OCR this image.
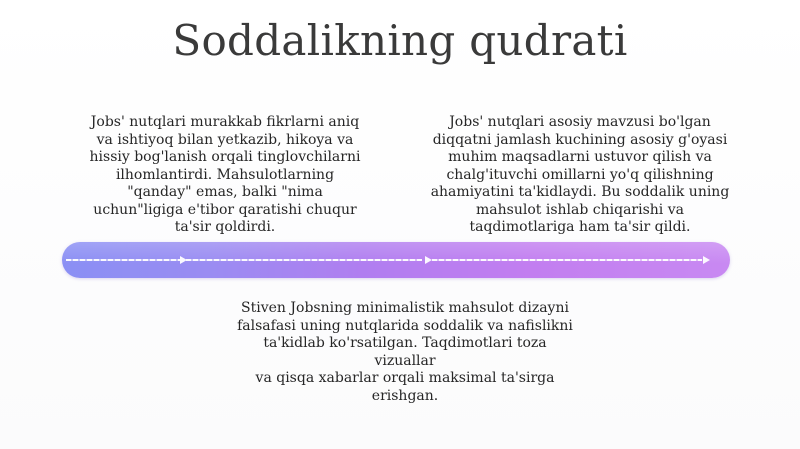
Soddalikning qudrati
Jobs' nutqlari murakkab fikrlarni aniq
va ishtiyoq bilan yetkazib, hikoya va
hissiy bog'lanish orqali tinglovchilarni
ilhomlantirdi. Mahsulotlarning
"qanday" emas, balki "nima
uchun"ligiga e'tibor qaratishi chuqur
ta'sir qoldirdi.
Jobs' nutqlari asosiy mavzusi bo'lgan
diqqatni jamlash kuchining asosiy g'oyasi
muhim maqsadlarni ustuvor qilish va
chalg'ituvchi omillarni yo'q qilishning
ahamiyatini ta'kidlaydi. Bu soddalik uning
mahsulot ishlab chiqarishi va
taqdimotlariga ham ta'sir qildi.
Stiven Jobsning minimalistik mahsulot dizayni
falsafasi uning nutqlarida soddalik va nafislikni
ta'kidlab ko'rsatilgan. Taqdimotlari toza vizuallar
va qisqa xabarlar orqali maksimal ta'sirga
erishgan.
